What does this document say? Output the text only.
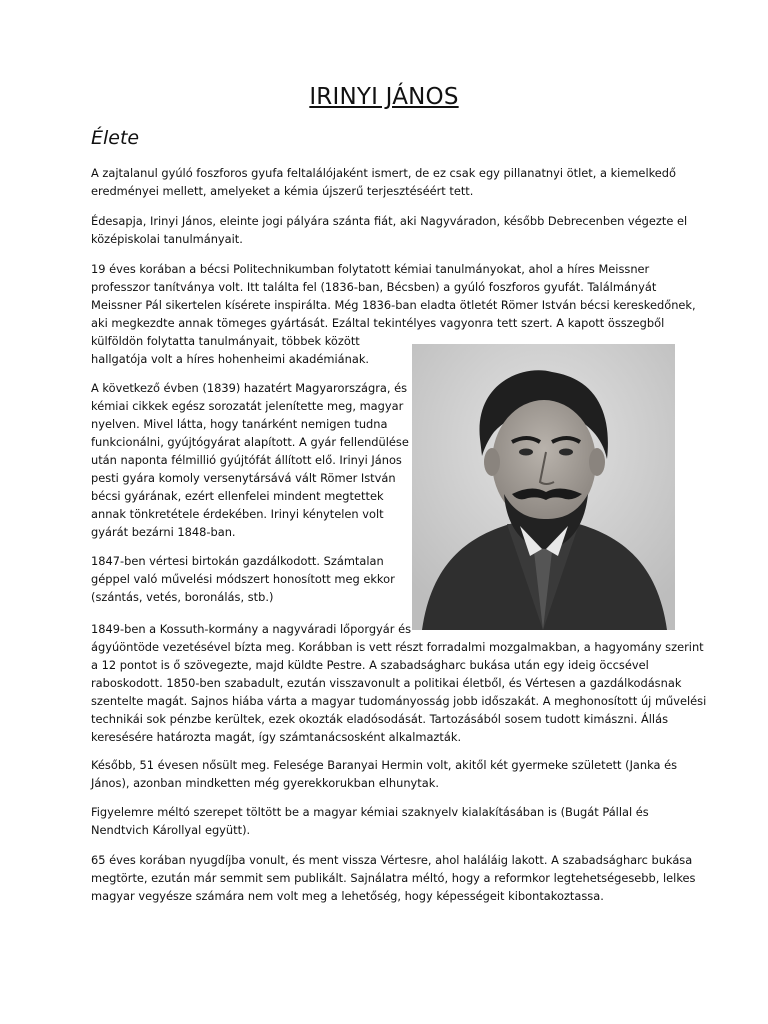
IRINYI JÁNOS
Élete

A zajtalanul gyúló foszforos gyufa feltalálójaként ismert, de ez csak egy pillanatnyi ötlet, a kiemelkedő
eredményei mellett, amelyeket a kémia újszerű terjesztéséért tett.

Édesapja, Irinyi János, eleinte jogi pályára szánta fiát, aki Nagyváradon, később Debrecenben végezte el
középiskolai tanulmányait.

19 éves korában a bécsi Politechnikumban folytatott kémiai tanulmányokat, ahol a híres Meissner
professzor tanítványa volt. Itt találta fel (1836-ban, Bécsben) a gyúló foszforos gyufát. Találmányát
Meissner Pál sikertelen kísérete inspirálta. Még 1836-ban eladta ötletét Römer István bécsi kereskedőnek,
aki megkezdte annak tömeges gyártását. Ezáltal tekintélyes vagyonra tett szert. A kapott összegből
külföldön folytatta tanulmányait, többek között
hallgatója volt a híres hohenheimi akadémiának.

A következő évben (1839) hazatért Magyarországra, és
kémiai cikkek egész sorozatát jelenítette meg, magyar
nyelven. Mivel látta, hogy tanárként nemigen tudna
funkcionálni, gyújtógyárat alapított. A gyár fellendülése
után naponta félmillió gyújtófát állított elő. Irinyi János
pesti gyára komoly versenytársává vált Römer István
bécsi gyárának, ezért ellenfelei mindent megtettek
annak tönkretétele érdekében. Irinyi kénytelen volt
gyárát bezárni 1848-ban.

1847-ben vértesi birtokán gazdálkodott. Számtalan
géppel való művelési módszert honosított meg ekkor
(szántás, vetés, boronálás, stb.)

1849-ben a Kossuth-kormány a nagyváradi lőporgyár és
ágyúöntöde vezetésével bízta meg. Korábban is vett részt forradalmi mozgalmakban, a hagyomány szerint
a 12 pontot is ő szövegezte, majd küldte Pestre. A szabadságharc bukása után egy ideig öccsével
raboskodott. 1850-ben szabadult, ezután visszavonult a politikai életből, és Vértesen a gazdálkodásnak
szentelte magát. Sajnos hiába várta a magyar tudományosság jobb időszakát. A meghonosított új művelési
technikái sok pénzbe kerültek, ezek okozták eladósodását. Tartozásából sosem tudott kimászni. Állás
keresésére határozta magát, így számtanácsosként alkalmazták.

Később, 51 évesen nősült meg. Felesége Baranyai Hermin volt, akitől két gyermeke született (Janka és
János), azonban mindketten még gyerekkorukban elhunytak.

Figyelemre méltó szerepet töltött be a magyar kémiai szaknyelv kialakításában is (Bugát Pállal és
Nendtvich Károllyal együtt).

65 éves korában nyugdíjba vonult, és ment vissza Vértesre, ahol haláláig lakott. A szabadságharc bukása
megtörte, ezután már semmit sem publikált. Sajnálatra méltó, hogy a reformkor legtehetségesebb, lelkes
magyar vegyésze számára nem volt meg a lehetőség, hogy képességeit kibontakoztassa.
